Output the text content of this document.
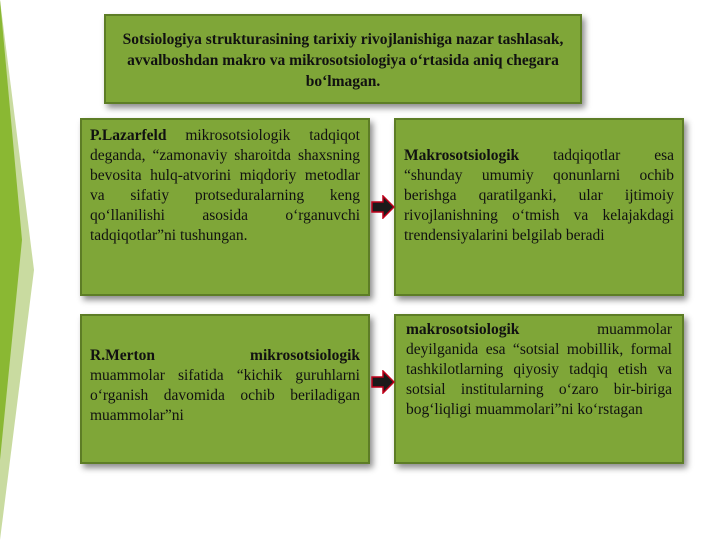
Sotsiologiya strukturasining tarixiy rivojlanishiga nazar tashlasak, avvalboshdan makro va mikrosotsiologiya o‘rtasida aniq chegara bo‘lmagan.
P.Lazarfeld mikrosotsiologik tadqiqot deganda, “zamonaviy sharoitda shaxsning bevosita hulq-atvorini miqdoriy metodlar va sifatiy protseduralarning keng qo‘llanilishi asosida o‘rganuvchi tadqiqotlar”ni tushungan.
Makrosotsiologik tadqiqotlar esa “shunday umumiy qonunlarni ochib berishga qaratilganki, ular ijtimoiy rivojlanishning o‘tmish va kelajakdagi trendensiyalarini belgilab beradi
R.Merton	mikrosotsiologik
muammolar sifatida “kichik guruhlarni o‘rganish davomida ochib beriladigan muammolar”ni
makrosotsiologik muammolar deyilganida esa “sotsial mobillik, formal tashkilotlarning qiyosiy tadqiq etish va sotsial institularning o‘zaro bir-biriga bog‘liqligi muammolari”ni ko‘rstagan
